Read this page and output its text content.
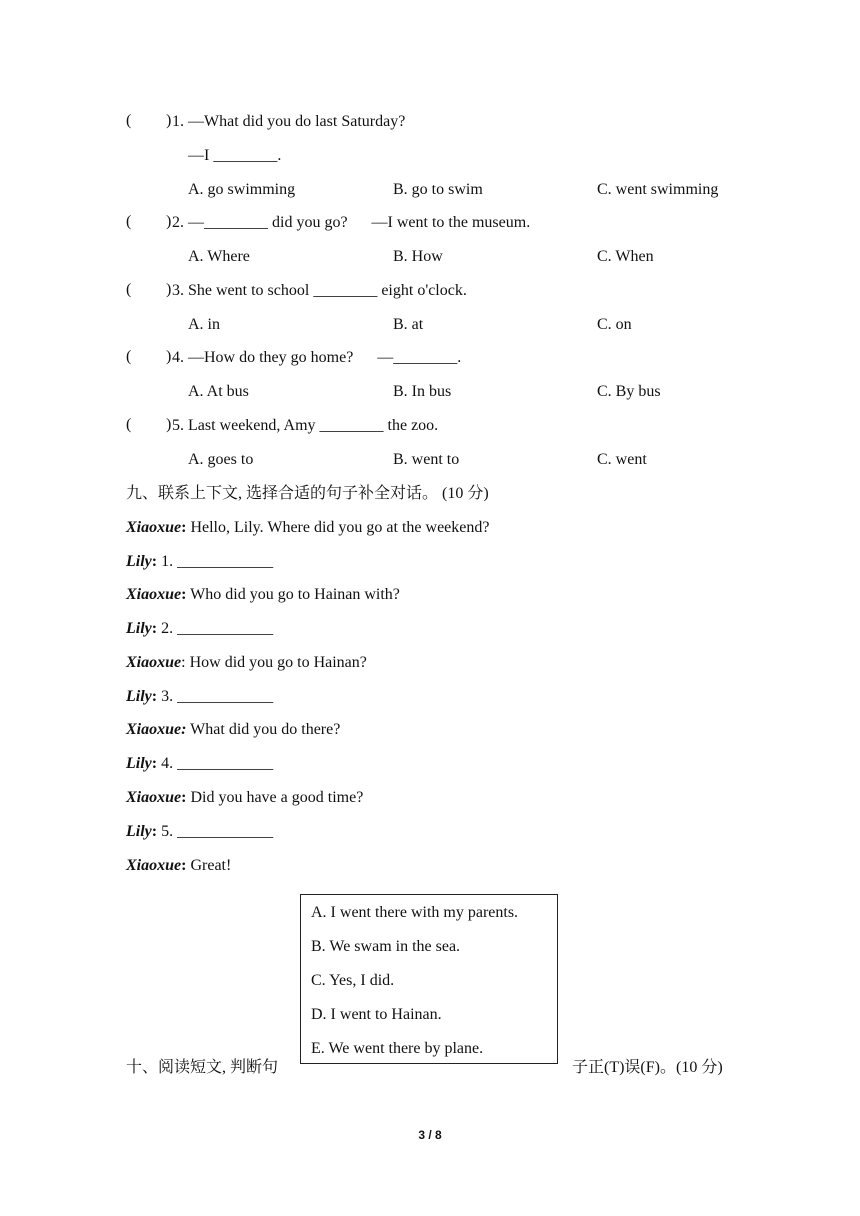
( ) 1. —What did you do last Saturday?
—I ________.
A. go swimming	B. go to swim	C. went swimming
( ) 2. —________ did you go?      —I went to the museum.
A. Where	B. How	C. When
( ) 3. She went to school ________ eight o'clock.
A. in	B. at	C. on
( ) 4. —How do they go home?      —________.
A. At bus	B. In bus	C. By bus
( ) 5. Last weekend, Amy ________ the zoo.
A. goes to	B. went to	C. went
九、联系上下文, 选择合适的句子补全对话。 (10 分)
Xiaoxue: Hello, Lily. Where did you go at the weekend?
Lily: 1. ____________
Xiaoxue: Who did you go to Hainan with?
Lily: 2. ____________
Xiaoxue: How did you go to Hainan?
Lily: 3. ____________
Xiaoxue: What did you do there?
Lily: 4. ____________
Xiaoxue: Did you have a good time?
Lily: 5. ____________
Xiaoxue: Great!
A. I went there with my parents.
B. We swam in the sea.
C. Yes, I did.
D. I went to Hainan.
E. We went there by plane.
十、阅读短文, 判断句	子正(T)误(F)。(10 分)
3 / 8
